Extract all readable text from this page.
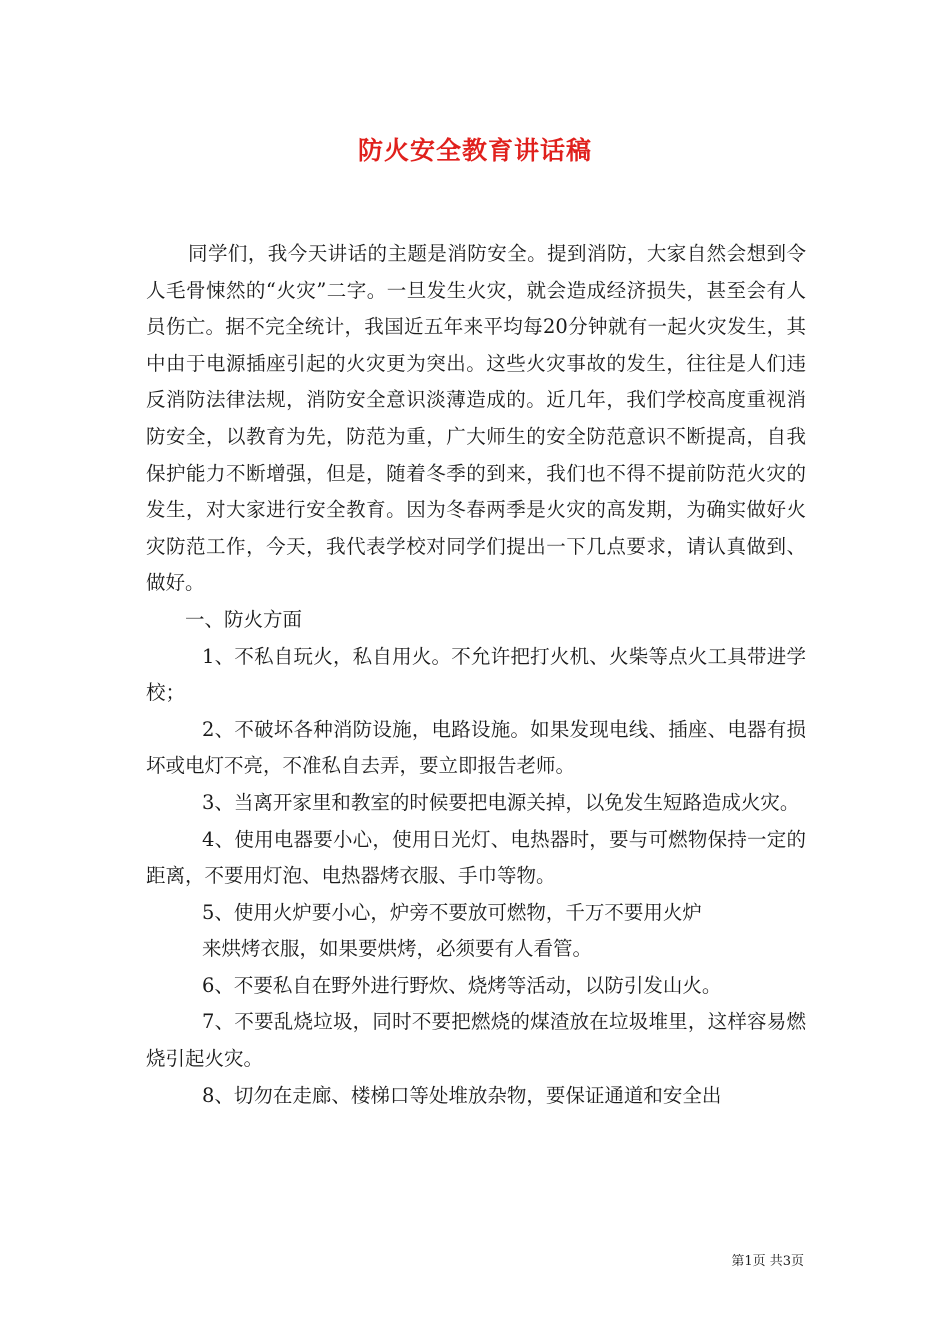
防火安全教育讲话稿

同学们，我今天讲话的主题是消防安全。提到消防，大家自然会想到令人毛骨悚然的“火灾”二字。一旦发生火灾，就会造成经济损失，甚至会有人员伤亡。据不完全统计，我国近五年来平均每20分钟就有一起火灾发生，其中由于电源插座引起的火灾更为突出。这些火灾事故的发生，往往是人们违反消防法律法规，消防安全意识淡薄造成的。近几年，我们学校高度重视消防安全，以教育为先，防范为重，广大师生的安全防范意识不断提高，自我保护能力不断增强，但是，随着冬季的到来，我们也不得不提前防范火灾的发生，对大家进行安全教育。因为冬春两季是火灾的高发期，为确实做好火灾防范工作，今天，我代表学校对同学们提出一下几点要求，请认真做到、做好。

一、防火方面

1、不私自玩火，私自用火。不允许把打火机、火柴等点火工具带进学校；

2、不破坏各种消防设施，电路设施。如果发现电线、插座、电器有损坏或电灯不亮，不准私自去弄，要立即报告老师。

3、当离开家里和教室的时候要把电源关掉，以免发生短路造成火灾。

4、使用电器要小心，使用日光灯、电热器时，要与可燃物保持一定的距离，不要用灯泡、电热器烤衣服、手巾等物。

5、使用火炉要小心，炉旁不要放可燃物，千万不要用火炉

来烘烤衣服，如果要烘烤，必须要有人看管。

6、不要私自在野外进行野炊、烧烤等活动，以防引发山火。

7、不要乱烧垃圾，同时不要把燃烧的煤渣放在垃圾堆里，这样容易燃烧引起火灾。

8、切勿在走廊、楼梯口等处堆放杂物，要保证通道和安全出

第1页 共3页
